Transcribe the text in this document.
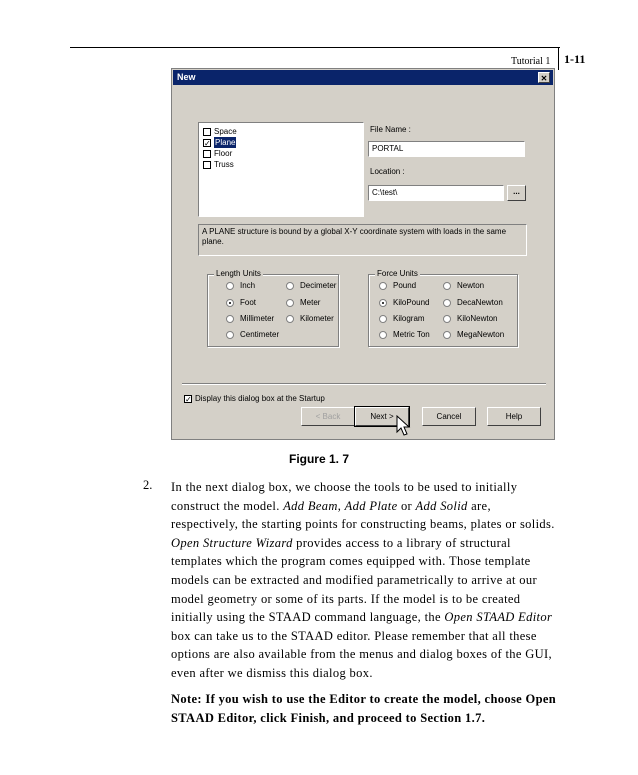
Tutorial 1 1-11
New	✕
Space
✓ Plane
Floor
Truss
File Name :
PORTAL
Location :
C:\test\	...
A PLANE structure is bound by a global X-Y coordinate system with loads in the same plane.
Length Units
Inch	Decimeter
Foot	Meter
Millimeter	Kilometer
Centimeter
Force Units
Pound	Newton
KiloPound	DecaNewton
Kilogram	KiloNewton
Metric Ton	MegaNewton
✓ Display this dialog box at the Startup
< Back	Next >	Cancel	Help
Figure 1. 7
2. In the next dialog box, we choose the tools to be used to initially construct the model. Add Beam, Add Plate or Add Solid are, respectively, the starting points for constructing beams, plates or solids. Open Structure Wizard provides access to a library of structural templates which the program comes equipped with. Those template models can be extracted and modified parametrically to arrive at our model geometry or some of its parts. If the model is to be created initially using the STAAD command language, the Open STAAD Editor box can take us to the STAAD editor. Please remember that all these options are also available from the menus and dialog boxes of the GUI, even after we dismiss this dialog box.
Note: If you wish to use the Editor to create the model, choose Open STAAD Editor, click Finish, and proceed to Section 1.7.
